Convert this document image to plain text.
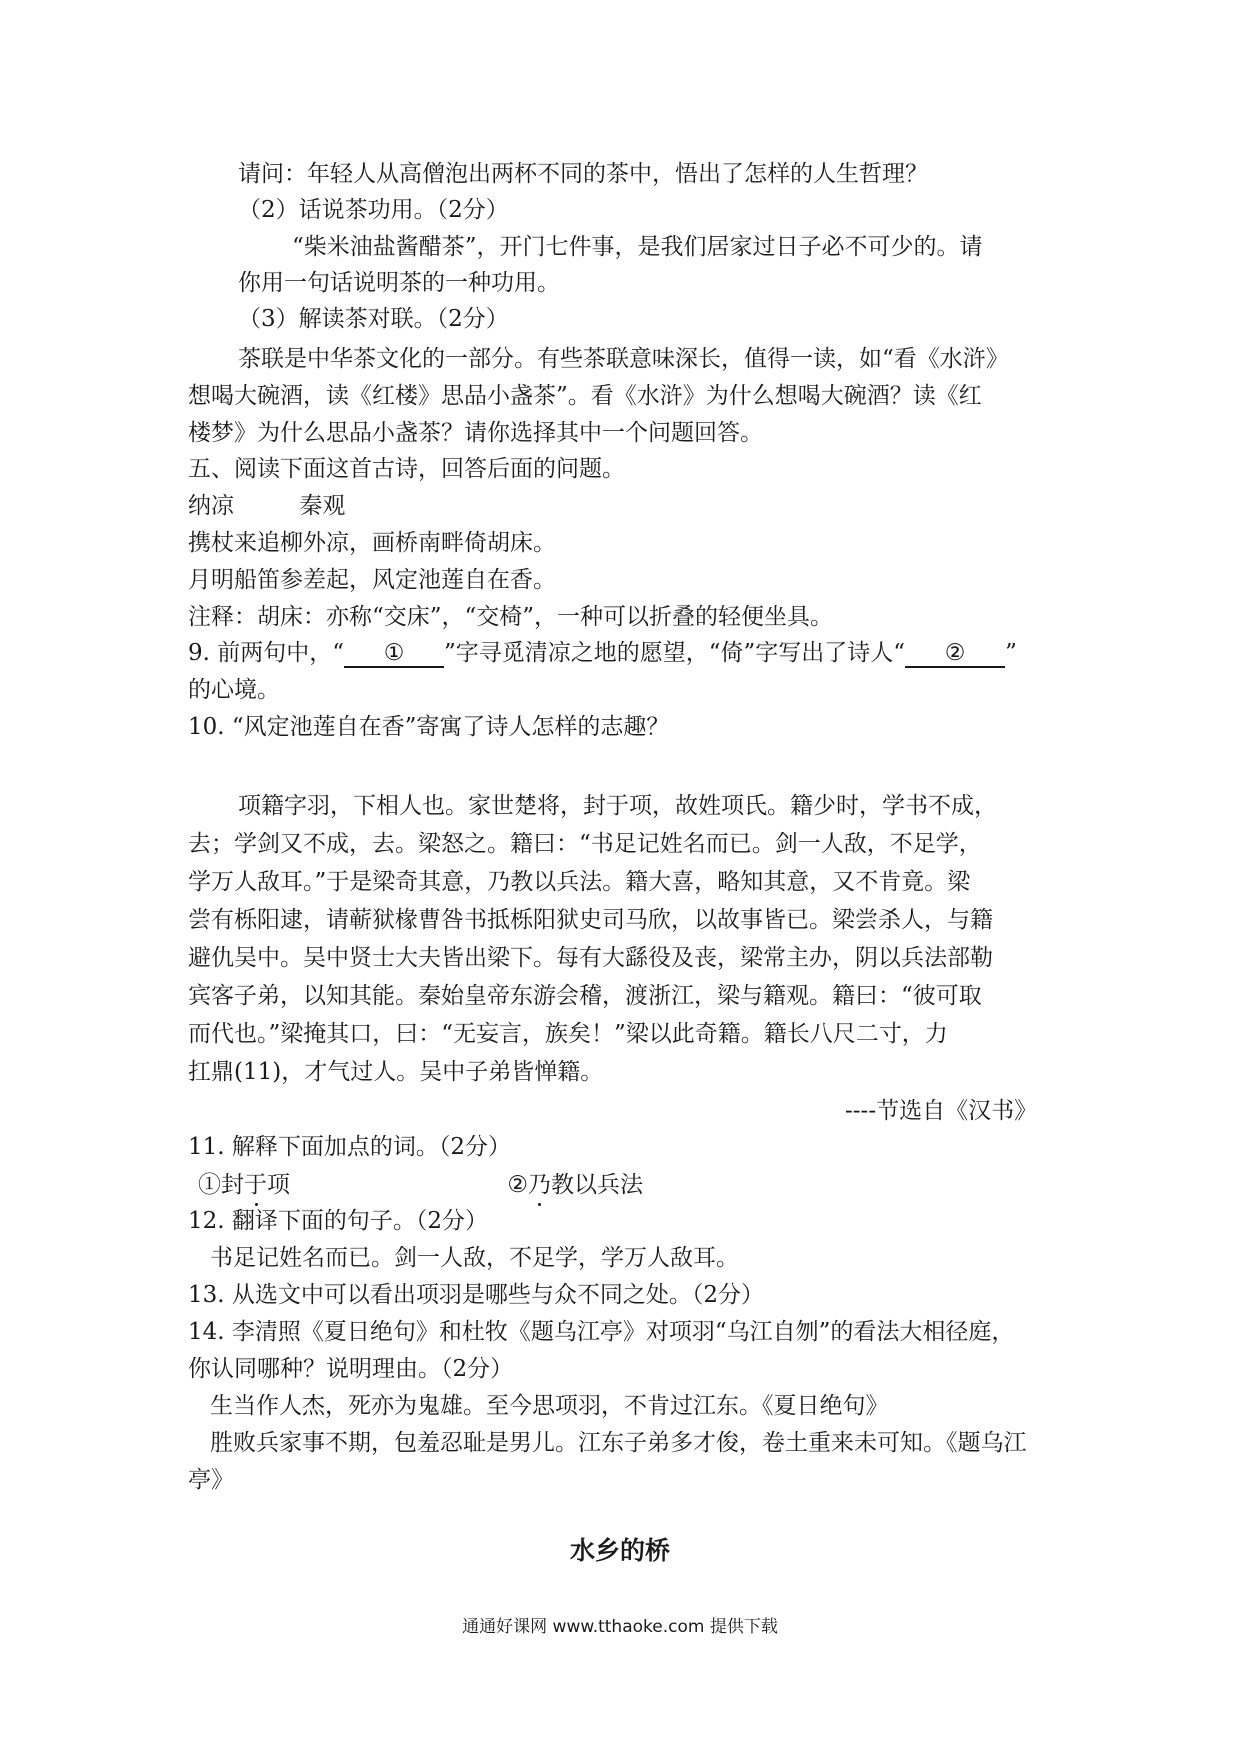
请问：年轻人从高僧泡出两杯不同的茶中，悟出了怎样的人生哲理？
（2）话说茶功用。（2分）
“柴米油盐酱醋茶”，开门七件事，是我们居家过日子必不可少的。请
你用一句话说明茶的一种功用。
（3）解读茶对联。（2分）
茶联是中华茶文化的一部分。有些茶联意味深长，值得一读，如“看《水浒》
想喝大碗酒，读《红楼》思品小盏茶”。看《水浒》为什么想喝大碗酒？读《红
楼梦》为什么思品小盏茶？请你选择其中一个问题回答。
五、阅读下面这首古诗，回答后面的问题。
纳凉	秦观
携杖来追柳外凉，画桥南畔倚胡床。
月明船笛参差起，风定池莲自在香。
注释：胡床：亦称“交床”，“交椅”，一种可以折叠的轻便坐具。
9. 前两句中，“ ① ”字寻觅清凉之地的愿望，“倚”字写出了诗人“ ② ”
的心境。
10. “风定池莲自在香”寄寓了诗人怎样的志趣？
项籍字羽，下相人也。家世楚将，封于项，故姓项氏。籍少时，学书不成，
去；学剑又不成，去。梁怒之。籍曰：“书足记姓名而已。剑一人敌，不足学，
学万人敌耳。”于是梁奇其意，乃教以兵法。籍大喜，略知其意，又不肯竟。梁
尝有栎阳逮，请蕲狱椽曹咎书抵栎阳狱史司马欣，以故事皆已。梁尝杀人，与籍
避仇吴中。吴中贤士大夫皆出梁下。每有大繇役及丧，梁常主办，阴以兵法部勒
宾客子弟，以知其能。秦始皇帝东游会稽，渡浙江，梁与籍观。籍曰：“彼可取
而代也。”梁掩其口，曰：“无妄言，族矣！”梁以此奇籍。籍长八尺二寸，力
扛鼎(11)，才气过人。吴中子弟皆惮籍。
----节选自《汉书》
11. 解释下面加点的词。（2分）
①封于项	②乃教以兵法
12. 翻译下面的句子。（2分）
书足记姓名而已。剑一人敌，不足学，学万人敌耳。
13. 从选文中可以看出项羽是哪些与众不同之处。（2分）
14. 李清照《夏日绝句》和杜牧《题乌江亭》对项羽“乌江自刎”的看法大相径庭，
你认同哪种？说明理由。（2分）
生当作人杰，死亦为鬼雄。至今思项羽，不肯过江东。《夏日绝句》
胜败兵家事不期，包羞忍耻是男儿。江东子弟多才俊，卷土重来未可知。《题乌江
亭》
水乡的桥
通通好课网 www.tthaoke.com 提供下载
